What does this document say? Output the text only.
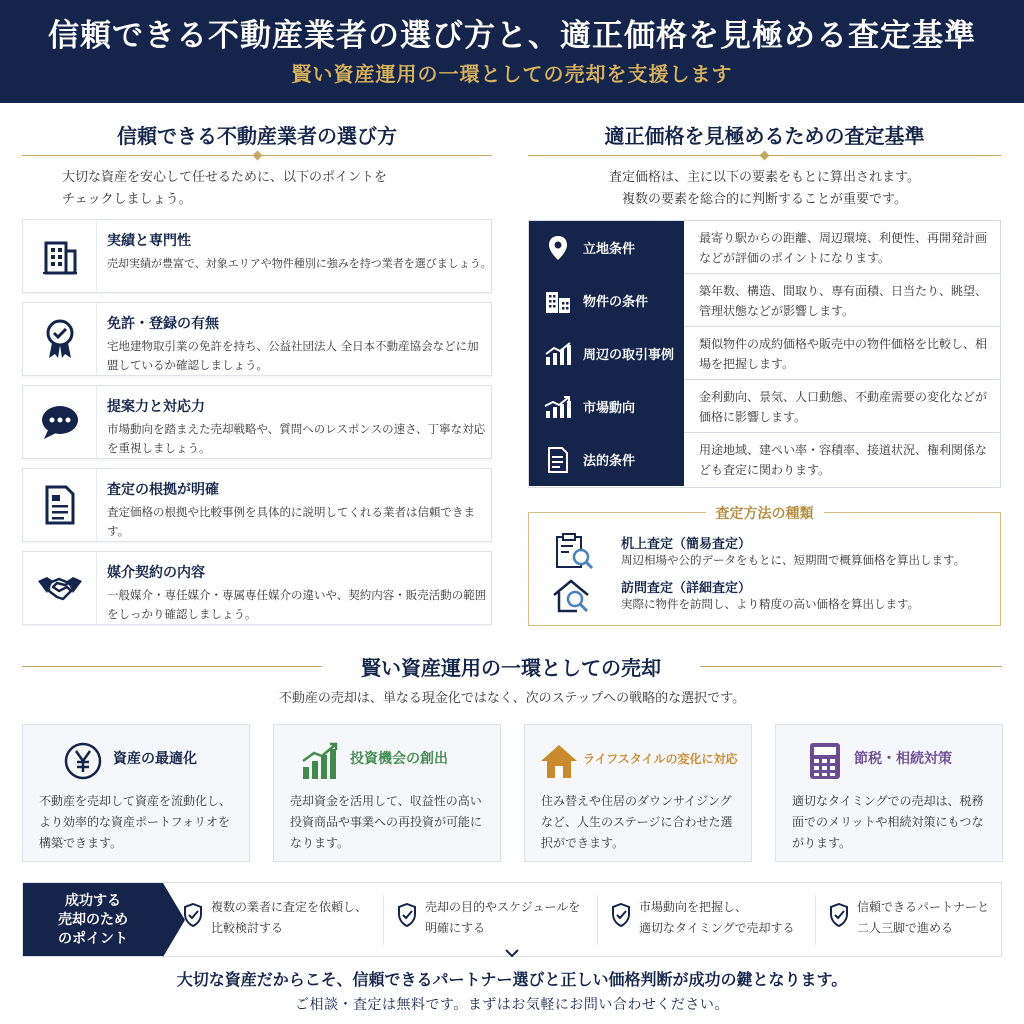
信頼できる不動産業者の選び方と、適正価格を見極める査定基準
賢い資産運用の一環としての売却を支援します
信頼できる不動産業者の選び方
大切な資産を安心して任せるために、以下のポイントを
チェックしましょう。
実績と専門性
売却実績が豊富で、対象エリアや物件種別に強みを持つ業者を選びましょう。
免許・登録の有無
宅地建物取引業の免許を持ち、公益社団法人 全日本不動産協会などに加盟しているか確認しましょう。
提案力と対応力
市場動向を踏まえた売却戦略や、質問へのレスポンスの速さ、丁寧な対応を重視しましょう。
査定の根拠が明確
査定価格の根拠や比較事例を具体的に説明してくれる業者は信頼できます。
媒介契約の内容
一般媒介・専任媒介・専属専任媒介の違いや、契約内容・販売活動の範囲をしっかり確認しましょう。
適正価格を見極めるための査定基準
査定価格は、主に以下の要素をもとに算出されます。
複数の要素を総合的に判断することが重要です。
立地条件
最寄り駅からの距離、周辺環境、利便性、再開発計画などが評価のポイントになります。
物件の条件
築年数、構造、間取り、専有面積、日当たり、眺望、管理状態などが影響します。
周辺の取引事例
類似物件の成約価格や販売中の物件価格を比較し、相場を把握します。
市場動向
金利動向、景気、人口動態、不動産需要の変化などが価格に影響します。
法的条件
用途地域、建ぺい率・容積率、接道状況、権利関係なども査定に関わります。
査定方法の種類
机上査定（簡易査定）
周辺相場や公的データをもとに、短期間で概算価格を算出します。
訪問査定（詳細査定）
実際に物件を訪問し、より精度の高い価格を算出します。
賢い資産運用の一環としての売却
不動産の売却は、単なる現金化ではなく、次のステップへの戦略的な選択です。
資産の最適化
不動産を売却して資産を流動化し、より効率的な資産ポートフォリオを構築できます。
投資機会の創出
売却資金を活用して、収益性の高い投資商品や事業への再投資が可能になります。
ライフスタイルの変化に対応
住み替えや住居のダウンサイジングなど、人生のステージに合わせた選択ができます。
節税・相続対策
適切なタイミングでの売却は、税務面でのメリットや相続対策にもつながります。
成功する
売却のため
のポイント
複数の業者に査定を依頼し、
比較検討する
売却の目的やスケジュールを
明確にする
市場動向を把握し、
適切なタイミングで売却する
信頼できるパートナーと
二人三脚で進める
大切な資産だからこそ、信頼できるパートナー選びと正しい価格判断が成功の鍵となります。
ご相談・査定は無料です。まずはお気軽にお問い合わせください。
